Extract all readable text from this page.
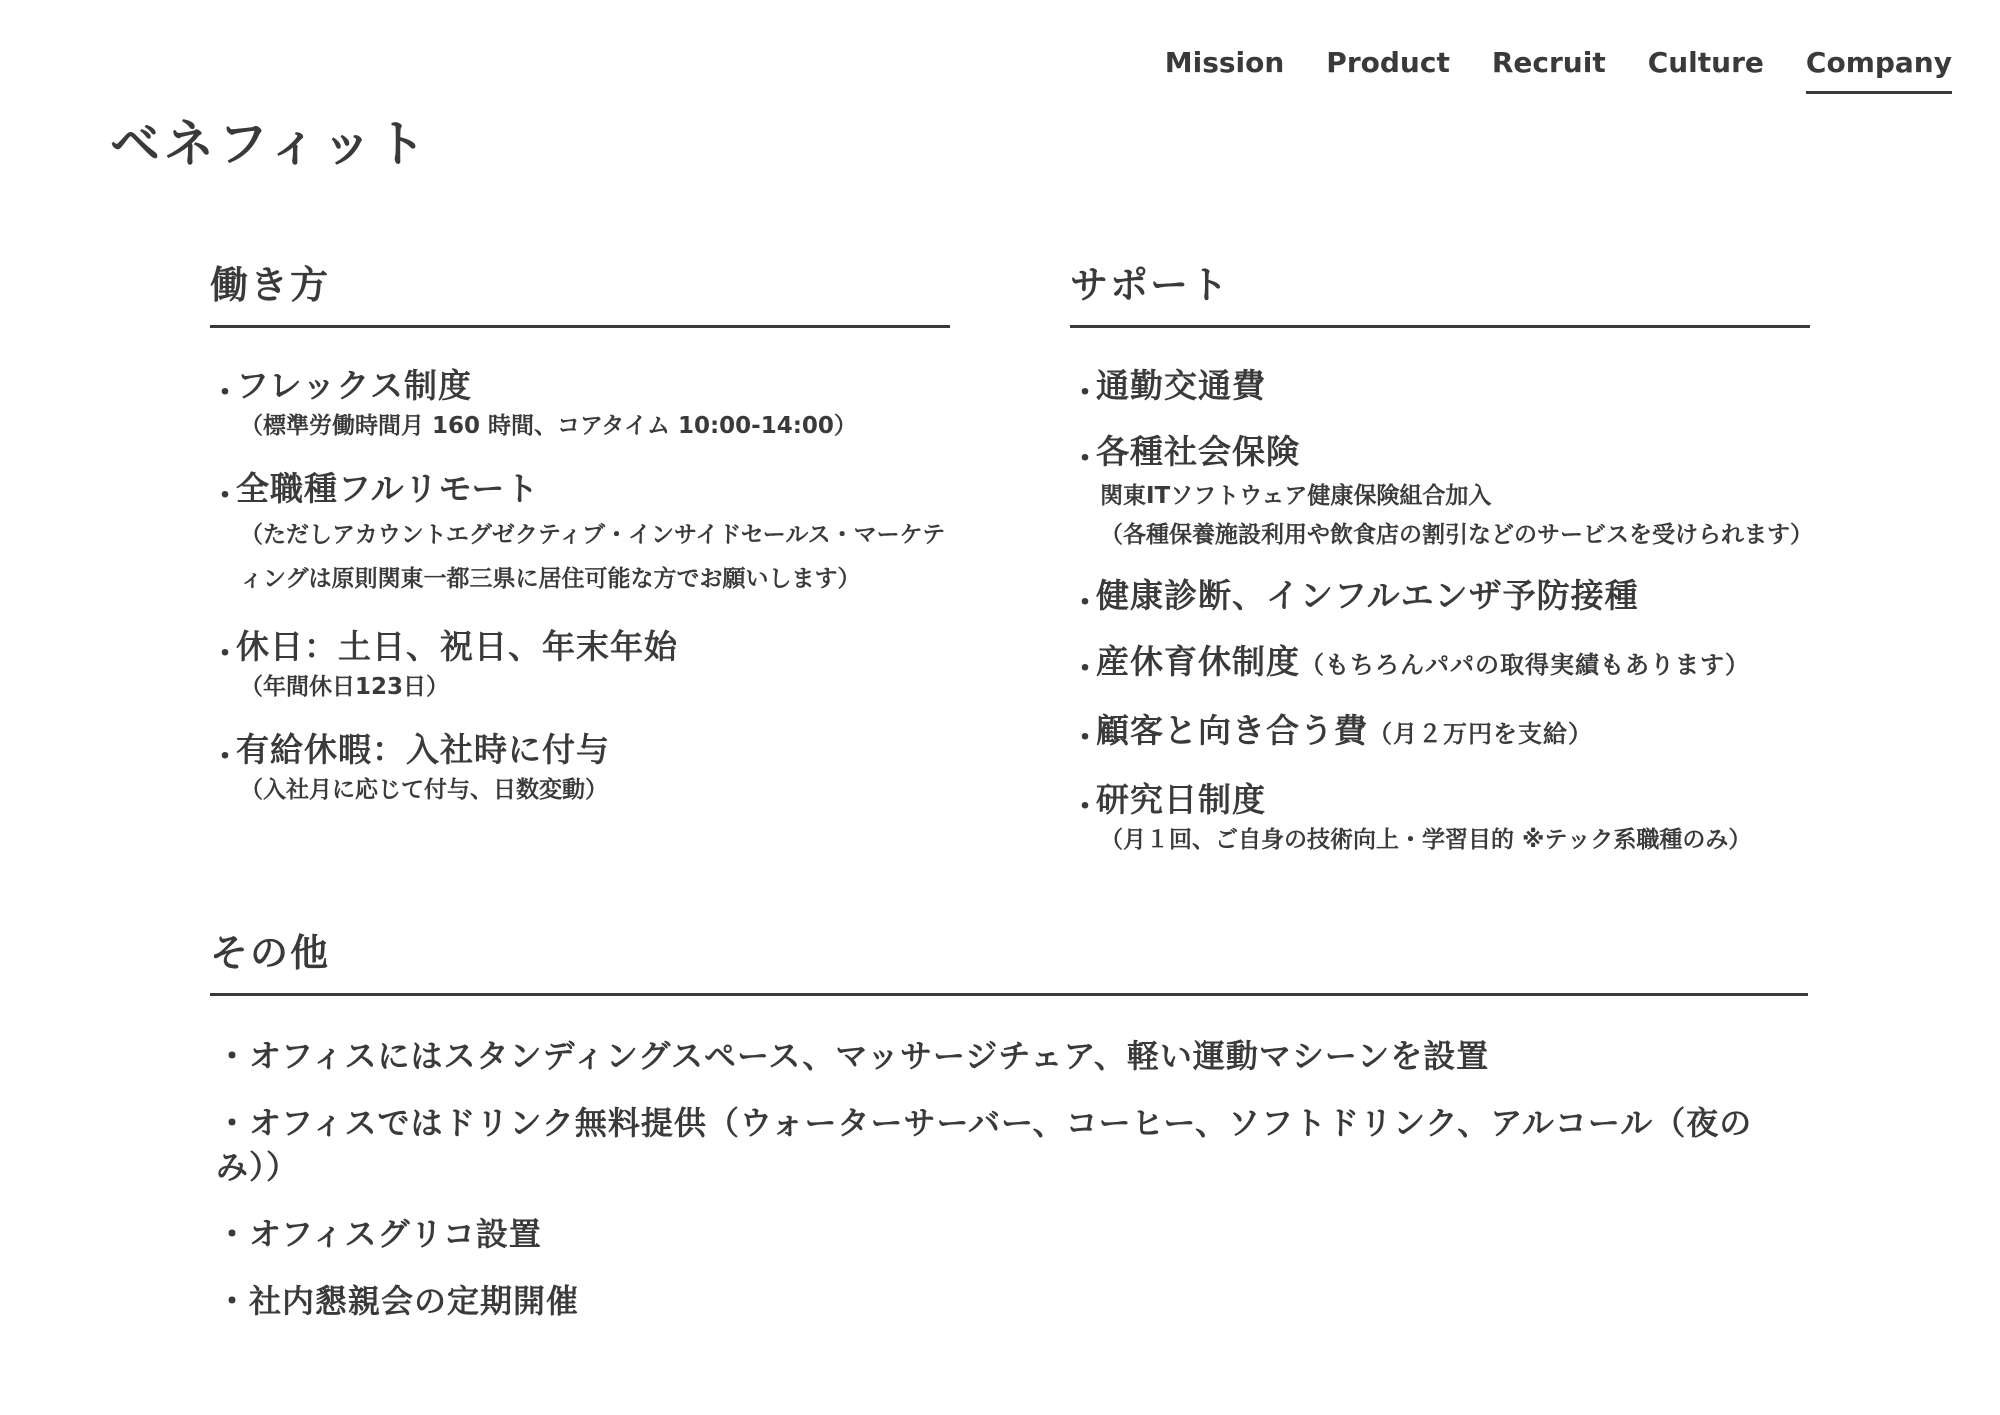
Mission Product Recruit Culture Company
ベネフィット
働き方
・
フレックス制度
（標準労働時間月 160 時間、コアタイム 10:00-14:00）
・
全職種フルリモート
（ただしアカウントエグゼクティブ・インサイドセールス・マーケティングは原則関東一都三県に居住可能な方でお願いします）
・
休日：土日、祝日、年末年始
（年間休日123日）
・
有給休暇：入社時に付与
（入社月に応じて付与、日数変動）
サポート
・
通勤交通費
・
各種社会保険
関東ITソフトウェア健康保険組合加入
（各種保養施設利用や飲食店の割引などのサービスを受けられます）
・
健康診断、インフルエンザ予防接種
・
産休育休制度（もちろんパパの取得実績もあります）
・
顧客と向き合う費（月２万円を支給）
・
研究日制度
（月１回、ご自身の技術向上・学習目的 ※テック系職種のみ）
その他
・オフィスにはスタンディングスペース、マッサージチェア、軽い運動マシーンを設置
・オフィスではドリンク無料提供（ウォーターサーバー、コーヒー、ソフトドリンク、アルコール（夜のみ））
・オフィスグリコ設置
・社内懇親会の定期開催
